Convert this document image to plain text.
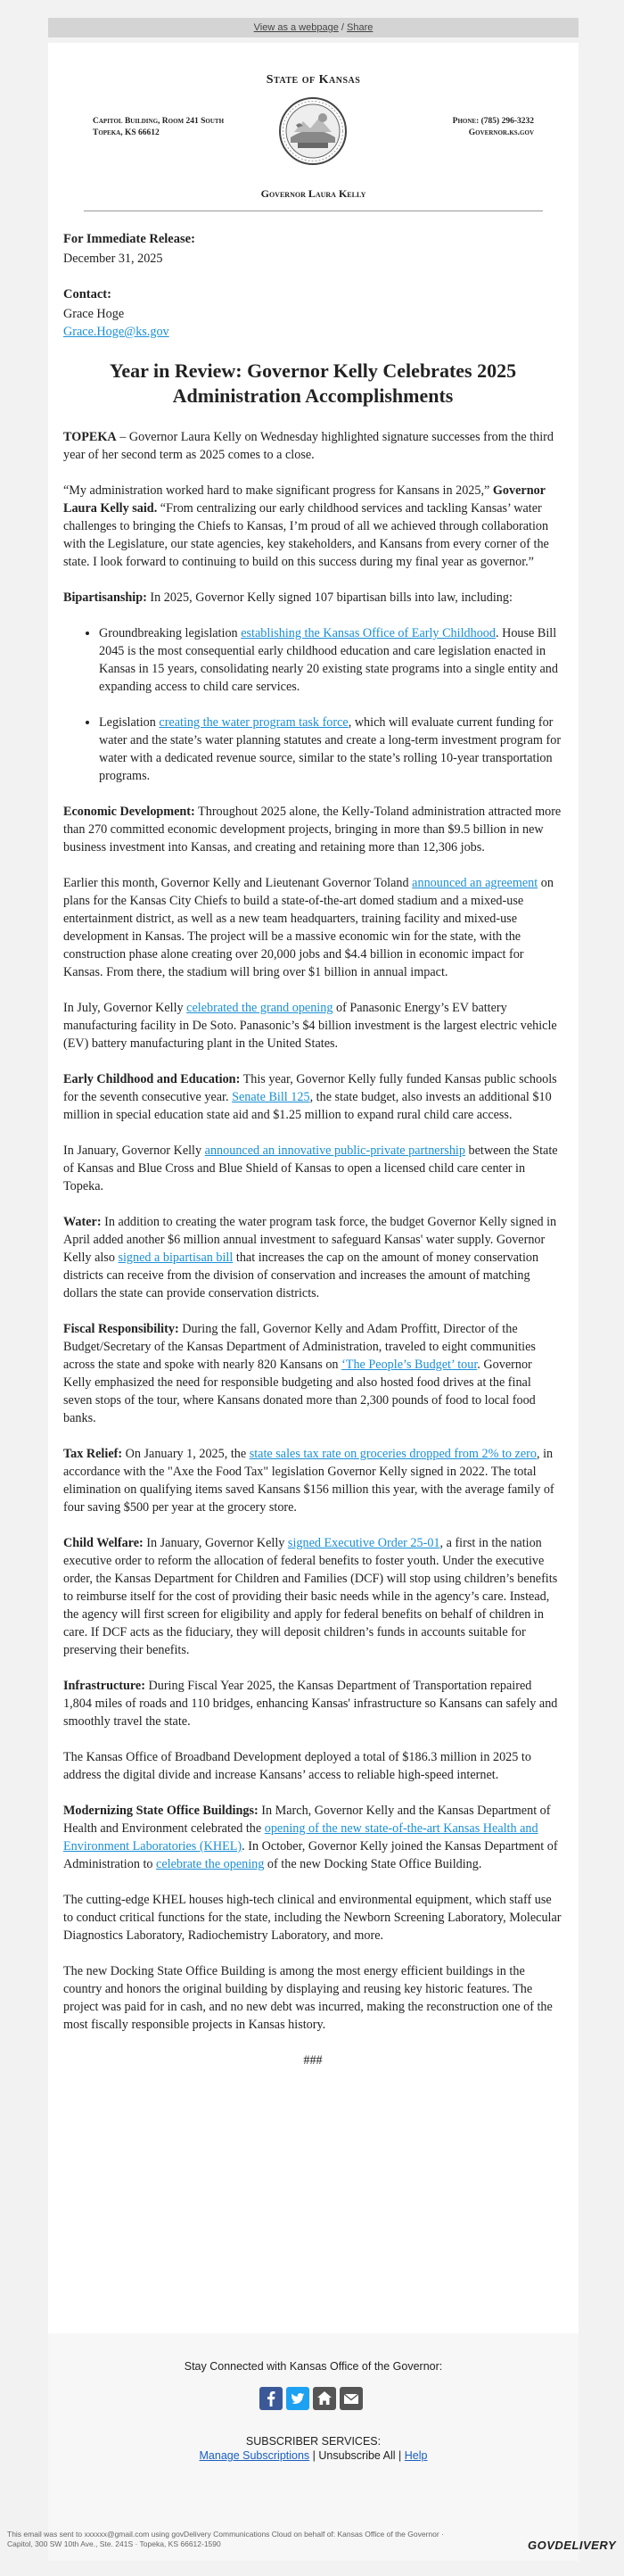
View as a webpage / Share
State of Kansas
Capitol Building, Room 241 South
Topeka, KS 66612
Phone: (785) 296-3232
Governor.ks.gov
Governor Laura Kelly

For Immediate Release:

December 31, 2025

Contact:

Grace Hoge

Grace.Hoge@ks.gov

Year in Review: Governor Kelly Celebrates 2025 Administration Accomplishments

TOPEKA – Governor Laura Kelly on Wednesday highlighted signature successes from the third year of her second term as 2025 comes to a close.

“My administration worked hard to make significant progress for Kansans in 2025,” Governor Laura Kelly said. “From centralizing our early childhood services and tackling Kansas’ water challenges to bringing the Chiefs to Kansas, I’m proud of all we achieved through collaboration with the Legislature, our state agencies, key stakeholders, and Kansans from every corner of the state. I look forward to continuing to build on this success during my final year as governor.”

Bipartisanship: In 2025, Governor Kelly signed 107 bipartisan bills into law, including:

• Groundbreaking legislation establishing the Kansas Office of Early Childhood. House Bill 2045 is the most consequential early childhood education and care legislation enacted in Kansas in 15 years, consolidating nearly 20 existing state programs into a single entity and expanding access to child care services.
• Legislation creating the water program task force, which will evaluate current funding for water and the state’s water planning statutes and create a long-term investment program for water with a dedicated revenue source, similar to the state’s rolling 10-year transportation programs.

Economic Development: Throughout 2025 alone, the Kelly-Toland administration attracted more than 270 committed economic development projects, bringing in more than $9.5 billion in new business investment into Kansas, and creating and retaining more than 12,306 jobs.

Earlier this month, Governor Kelly and Lieutenant Governor Toland announced an agreement on plans for the Kansas City Chiefs to build a state-of-the-art domed stadium and a mixed-use entertainment district, as well as a new team headquarters, training facility and mixed-use development in Kansas. The project will be a massive economic win for the state, with the construction phase alone creating over 20,000 jobs and $4.4 billion in economic impact for Kansas. From there, the stadium will bring over $1 billion in annual impact.

In July, Governor Kelly celebrated the grand opening of Panasonic Energy’s EV battery manufacturing facility in De Soto. Panasonic’s $4 billion investment is the largest electric vehicle (EV) battery manufacturing plant in the United States.

Early Childhood and Education: This year, Governor Kelly fully funded Kansas public schools for the seventh consecutive year. Senate Bill 125, the state budget, also invests an additional $10 million in special education state aid and $1.25 million to expand rural child care access.

In January, Governor Kelly announced an innovative public-private partnership between the State of Kansas and Blue Cross and Blue Shield of Kansas to open a licensed child care center in Topeka.

Water: In addition to creating the water program task force, the budget Governor Kelly signed in April added another $6 million annual investment to safeguard Kansas' water supply. Governor Kelly also signed a bipartisan bill that increases the cap on the amount of money conservation districts can receive from the division of conservation and increases the amount of matching dollars the state can provide conservation districts.

Fiscal Responsibility: During the fall, Governor Kelly and Adam Proffitt, Director of the Budget/Secretary of the Kansas Department of Administration, traveled to eight communities across the state and spoke with nearly 820 Kansans on ‘The People’s Budget’ tour. Governor Kelly emphasized the need for responsible budgeting and also hosted food drives at the final seven stops of the tour, where Kansans donated more than 2,300 pounds of food to local food banks.

Tax Relief: On January 1, 2025, the state sales tax rate on groceries dropped from 2% to zero, in accordance with the "Axe the Food Tax" legislation Governor Kelly signed in 2022. The total elimination on qualifying items saved Kansans $156 million this year, with the average family of four saving $500 per year at the grocery store.

Child Welfare: In January, Governor Kelly signed Executive Order 25-01, a first in the nation executive order to reform the allocation of federal benefits to foster youth. Under the executive order, the Kansas Department for Children and Families (DCF) will stop using children’s benefits to reimburse itself for the cost of providing their basic needs while in the agency’s care. Instead, the agency will first screen for eligibility and apply for federal benefits on behalf of children in care. If DCF acts as the fiduciary, they will deposit children’s funds in accounts suitable for preserving their benefits.

Infrastructure: During Fiscal Year 2025, the Kansas Department of Transportation repaired 1,804 miles of roads and 110 bridges, enhancing Kansas' infrastructure so Kansans can safely and smoothly travel the state.

The Kansas Office of Broadband Development deployed a total of $186.3 million in 2025 to address the digital divide and increase Kansans’ access to reliable high-speed internet.

Modernizing State Office Buildings: In March, Governor Kelly and the Kansas Department of Health and Environment celebrated the opening of the new state-of-the-art Kansas Health and Environment Laboratories (KHEL). In October, Governor Kelly joined the Kansas Department of Administration to celebrate the opening of the new Docking State Office Building.

The cutting-edge KHEL houses high-tech clinical and environmental equipment, which staff use to conduct critical functions for the state, including the Newborn Screening Laboratory, Molecular Diagnostics Laboratory, Radiochemistry Laboratory, and more.

The new Docking State Office Building is among the most energy efficient buildings in the country and honors the original building by displaying and reusing key historic features. The project was paid for in cash, and no new debt was incurred, making the reconstruction one of the most fiscally responsible projects in Kansas history.

###

Stay Connected with Kansas Office of the Governor:
SUBSCRIBER SERVICES:
Manage Subscriptions | Unsubscribe All | Help
This email was sent to xxxxxx@gmail.com using govDelivery Communications Cloud on behalf of: Kansas Office of the Governor ·
Capitol, 300 SW 10th Ave., Ste. 241S · Topeka, KS 66612-1590	GOVDELIVERY
